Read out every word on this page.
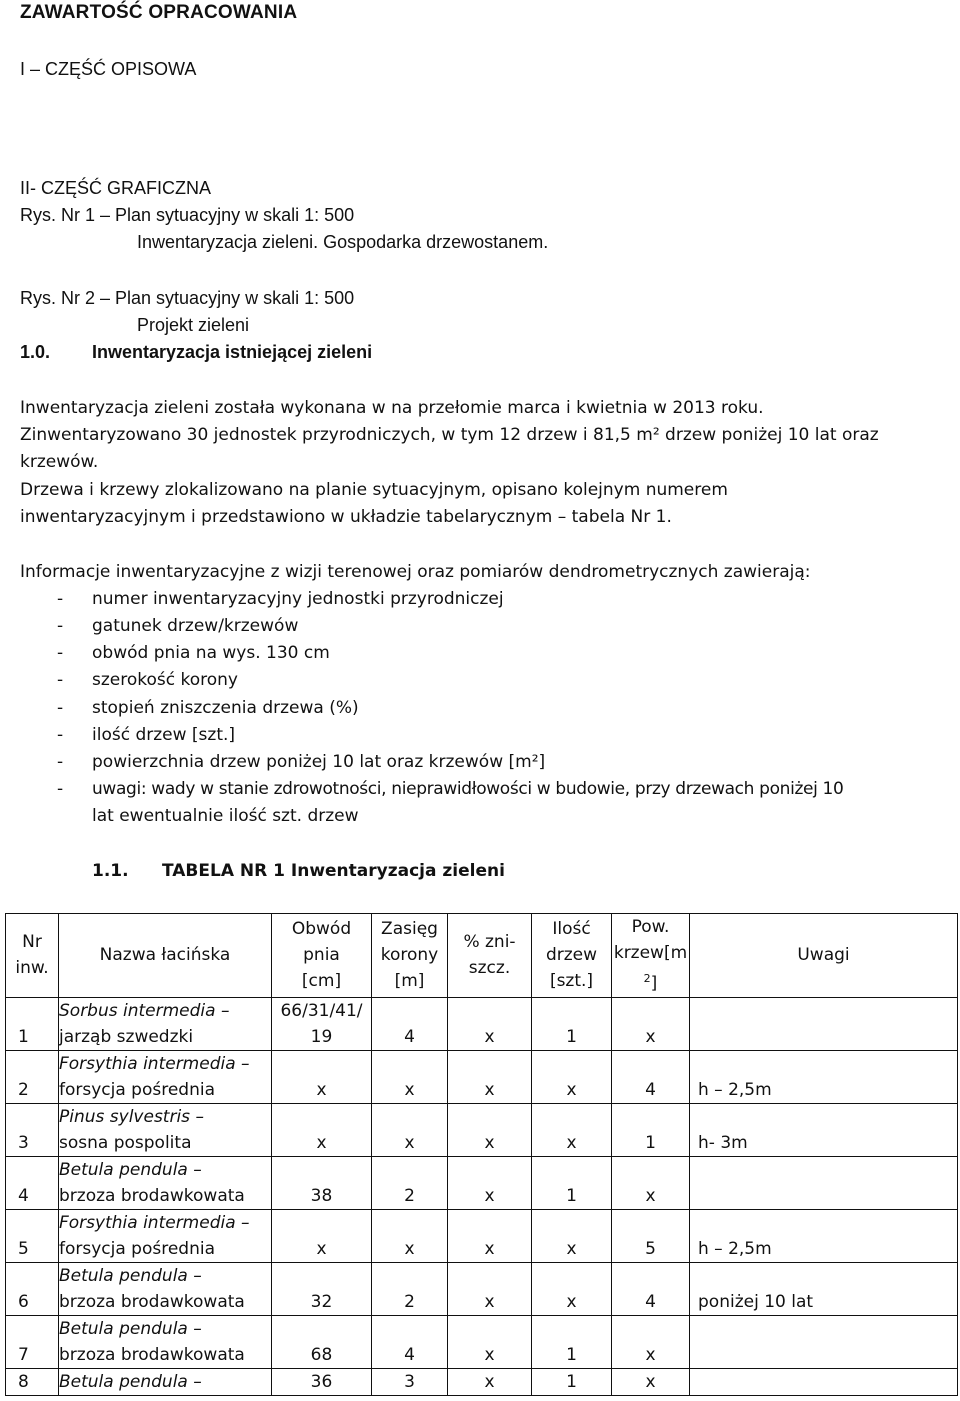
ZAWARTOŚĆ OPRACOWANIA
I – CZĘŚĆ OPISOWA
II- CZĘŚĆ GRAFICZNA
Rys. Nr 1 – Plan sytuacyjny w skali 1: 500
Inwentaryzacja zieleni. Gospodarka drzewostanem.
Rys. Nr 2 – Plan sytuacyjny w skali 1: 500
Projekt zieleni
1.0. Inwentaryzacja istniejącej zieleni
Inwentaryzacja zieleni została wykonana w na przełomie marca i kwietnia w 2013 roku.
Zinwentaryzowano 30 jednostek przyrodniczych, w tym 12 drzew i 81,5 m² drzew poniżej 10 lat oraz
krzewów.
Drzewa i krzewy zlokalizowano na planie sytuacyjnym, opisano kolejnym numerem
inwentaryzacyjnym i przedstawiono w układzie tabelarycznym – tabela Nr 1.
Informacje inwentaryzacyjne z wizji terenowej oraz pomiarów dendrometrycznych zawierają:
- numer inwentaryzacyjny jednostki przyrodniczej
- gatunek drzew/krzewów
- obwód pnia na wys. 130 cm
- szerokość korony
- stopień zniszczenia drzewa (%)
- ilość drzew [szt.]
- powierzchnia drzew poniżej 10 lat oraz krzewów [m²]
- uwagi: wady w stanie zdrowotności, nieprawidłowości w budowie, przy drzewach poniżej 10
lat ewentualnie ilość szt. drzew
1.1. TABELA NR 1 Inwentaryzacja zieleni
Nr
inw.	Nazwa łacińska	Obwód
pnia
[cm]	Zasięg
korony
[m]	% zni-
szcz.	Ilość
drzew
[szt.]	Pow.
krzew[m
$^2$]	Uwagi
1	Sorbus intermedia –
jarząb szwedzki	66/31/41/
19	4	x	1	x	
2	Forsythia intermedia –
forsycja pośrednia	x	x	x	x	4	h – 2,5m
3	Pinus sylvestris –
sosna pospolita	x	x	x	x	1	h- 3m
4	Betula pendula –
brzoza brodawkowata	38	2	x	1	x	
5	Forsythia intermedia –
forsycja pośrednia	x	x	x	x	5	h – 2,5m
6	Betula pendula –
brzoza brodawkowata	32	2	x	x	4	poniżej 10 lat
7	Betula pendula –
brzoza brodawkowata	68	4	x	1	x	
8	Betula pendula –	36	3	x	1	x	
